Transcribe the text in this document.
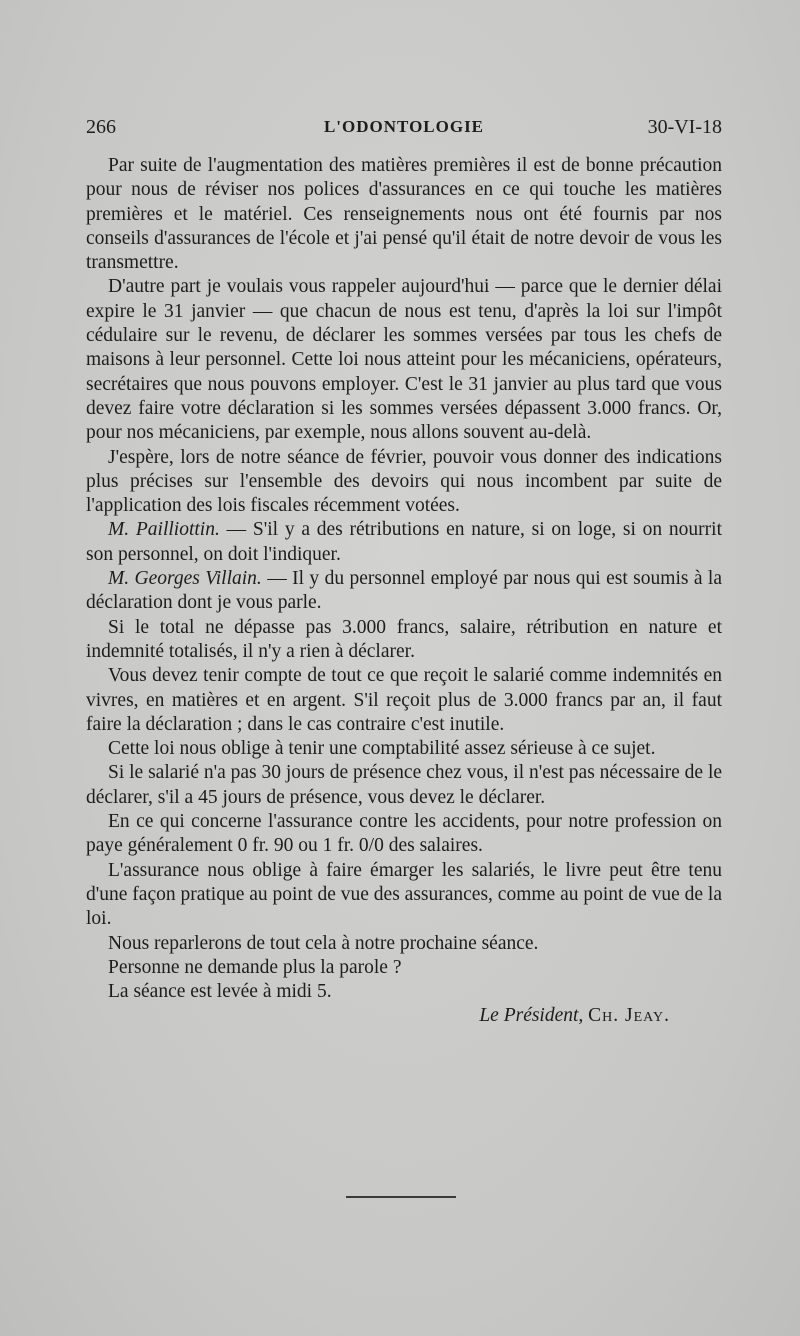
266	L'ODONTOLOGIE	30-VI-18

Par suite de l'augmentation des matières premières il est de bonne précaution pour nous de réviser nos polices d'assurances en ce qui touche les matières premières et le matériel. Ces renseignements nous ont été fournis par nos conseils d'assurances de l'école et j'ai pensé qu'il était de notre devoir de vous les transmettre.

D'autre part je voulais vous rappeler aujourd'hui — parce que le dernier délai expire le 31 janvier — que chacun de nous est tenu, d'après la loi sur l'impôt cédulaire sur le revenu, de déclarer les sommes versées par tous les chefs de maisons à leur personnel. Cette loi nous atteint pour les mécaniciens, opérateurs, secrétaires que nous pouvons employer. C'est le 31 janvier au plus tard que vous devez faire votre déclaration si les sommes versées dépassent 3.000 francs. Or, pour nos mécaniciens, par exemple, nous allons souvent au-delà.

J'espère, lors de notre séance de février, pouvoir vous donner des indications plus précises sur l'ensemble des devoirs qui nous incombent par suite de l'application des lois fiscales récemment votées.

M. Pailliottin. — S'il y a des rétributions en nature, si on loge, si on nourrit son personnel, on doit l'indiquer.

M. Georges Villain. — Il y du personnel employé par nous qui est soumis à la déclaration dont je vous parle.

Si le total ne dépasse pas 3.000 francs, salaire, rétribution en nature et indemnité totalisés, il n'y a rien à déclarer.

Vous devez tenir compte de tout ce que reçoit le salarié comme indemnités en vivres, en matières et en argent. S'il reçoit plus de 3.000 francs par an, il faut faire la déclaration ; dans le cas contraire c'est inutile.

Cette loi nous oblige à tenir une comptabilité assez sérieuse à ce sujet.

Si le salarié n'a pas 30 jours de présence chez vous, il n'est pas nécessaire de le déclarer, s'il a 45 jours de présence, vous devez le déclarer.

En ce qui concerne l'assurance contre les accidents, pour notre profession on paye généralement 0 fr. 90 ou 1 fr. 0/0 des salaires.

L'assurance nous oblige à faire émarger les salariés, le livre peut être tenu d'une façon pratique au point de vue des assurances, comme au point de vue de la loi.

Nous reparlerons de tout cela à notre prochaine séance.

Personne ne demande plus la parole ?

La séance est levée à midi 5.

Le Président, Ch. Jeay.
